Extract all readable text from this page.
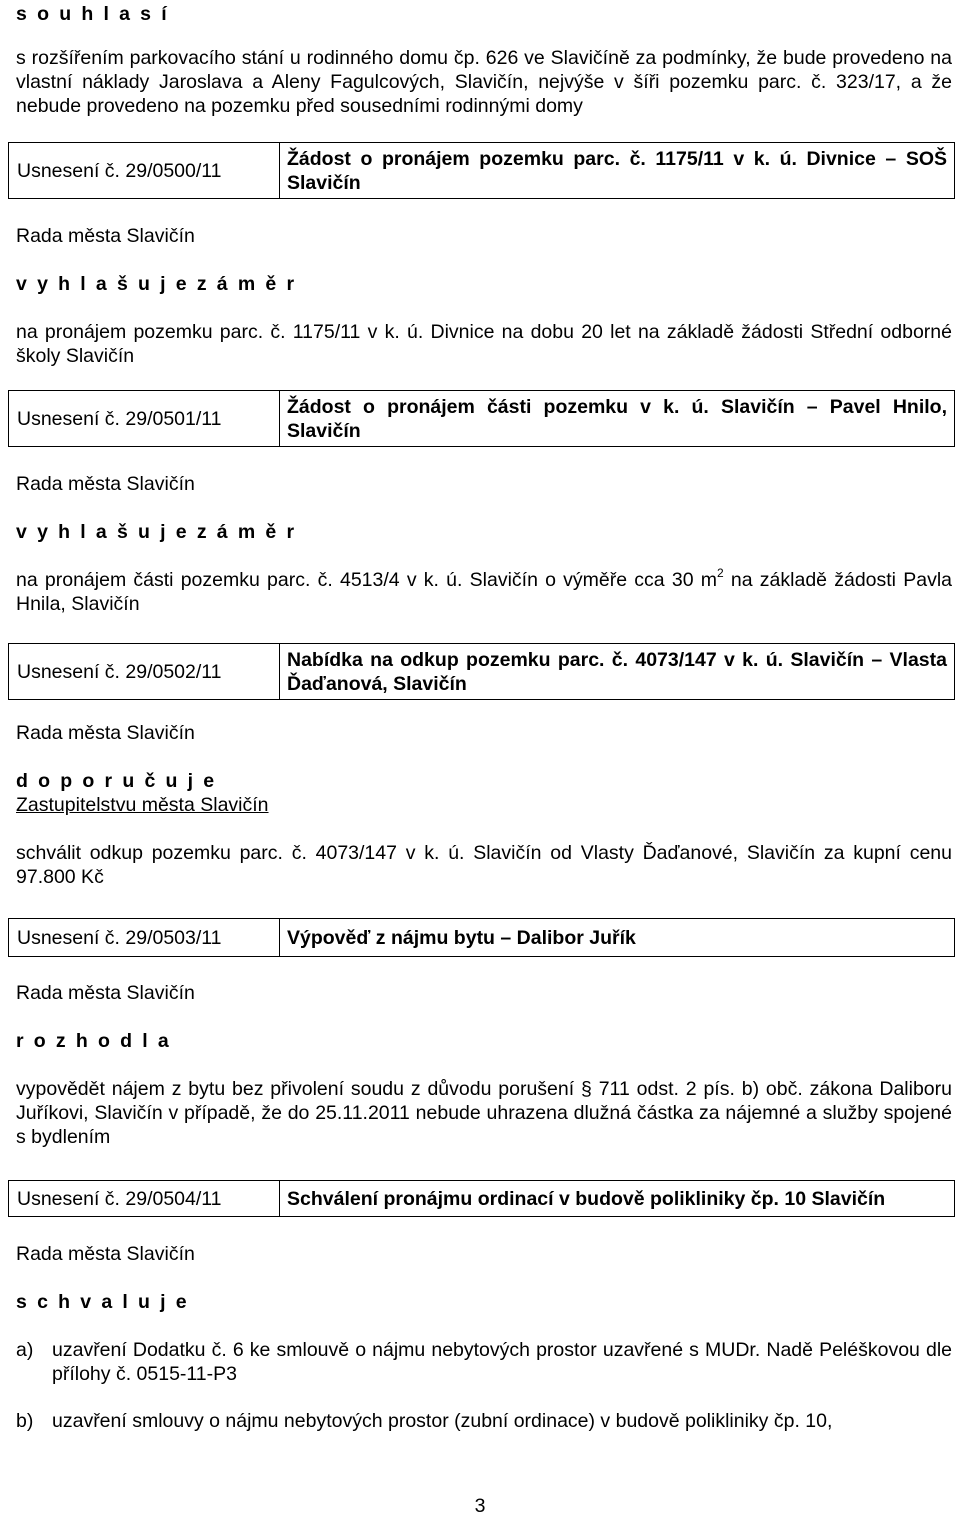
s o u h l a s í
s rozšířením parkovacího stání u rodinného domu čp. 626 ve Slavičíně za podmínky, že bude provedeno na vlastní náklady Jaroslava a Aleny Fagulcových, Slavičín, nejvýše v šíři pozemku parc. č. 323/17, a že nebude provedeno na pozemku před sousedními rodinnými domy
Usnesení č. 29/0500/11	Žádost o pronájem pozemku parc. č. 1175/11 v k. ú. Divnice – SOŠ Slavičín
Rada města Slavičín
v y h l a š u j e z á m ě r
na pronájem pozemku parc. č. 1175/11 v k. ú. Divnice na dobu 20 let na základě žádosti Střední odborné školy Slavičín
Usnesení č. 29/0501/11	Žádost o pronájem části pozemku v k. ú. Slavičín – Pavel Hnilo, Slavičín
Rada města Slavičín
v y h l a š u j e z á m ě r
na pronájem části pozemku parc. č. 4513/4 v k. ú. Slavičín o výměře cca 30 $m^2$ na základě žádosti Pavla Hnila, Slavičín
Usnesení č. 29/0502/11	Nabídka na odkup pozemku parc. č. 4073/147 v k. ú. Slavičín – Vlasta Ďaďanová, Slavičín
Rada města Slavičín
d o p o r u č u j e
Zastupitelstvu města Slavičín
schválit odkup pozemku parc. č. 4073/147 v k. ú. Slavičín od Vlasty Ďaďanové, Slavičín za kupní cenu 97.800 Kč
Usnesení č. 29/0503/11	Výpověď z nájmu bytu – Dalibor Juřík
Rada města Slavičín
r o z h o d l a
vypovědět nájem z bytu bez přivolení soudu z důvodu porušení § 711 odst. 2 pís. b) obč. zákona Daliboru Juříkovi, Slavičín v případě, že do 25.11.2011 nebude uhrazena dlužná částka za nájemné a služby spojené s bydlením
Usnesení č. 29/0504/11	Schválení pronájmu ordinací v budově polikliniky čp. 10 Slavičín
Rada města Slavičín
s c h v a l u j e
a) uzavření Dodatku č. 6 ke smlouvě o nájmu nebytových prostor uzavřené s MUDr. Nadě Peléškovou dle přílohy č. 0515-11-P3
b) uzavření smlouvy o nájmu nebytových prostor (zubní ordinace) v budově polikliniky čp. 10,
3
